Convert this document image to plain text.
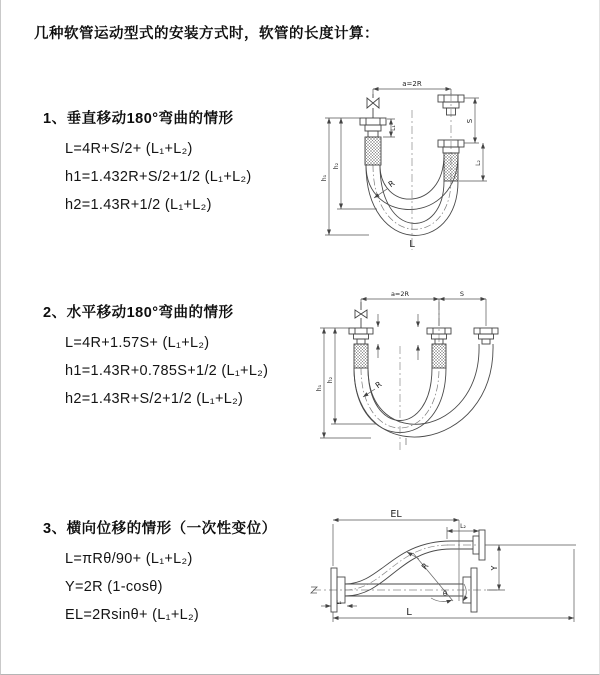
几种软管运动型式的安装方式时，软管的长度计算：
1、垂直移动180°弯曲的情形
L=4R+S/2+ (L₁+L₂)
h1=1.432R+S/2+1/2 (L₁+L₂)
h2=1.43R+1/2 (L₁+L₂)
2、水平移动180°弯曲的情形
L=4R+1.57S+ (L₁+L₂)
h1=1.43R+0.785S+1/2 (L₁+L₂)
h2=1.43R+S/2+1/2 (L₁+L₂)
3、横向位移的情形（一次性变位）
L=πRθ/90+ (L₁+L₂)
Y=2R (1-cosθ)
EL=2Rsinθ+ (L₁+L₂)
a=2R
h₁
h₂
L₁
S
L₂
R
L
a=2R	S
h₁
h₂	R
EL
L₂
Y
L₁
R
θ
L
